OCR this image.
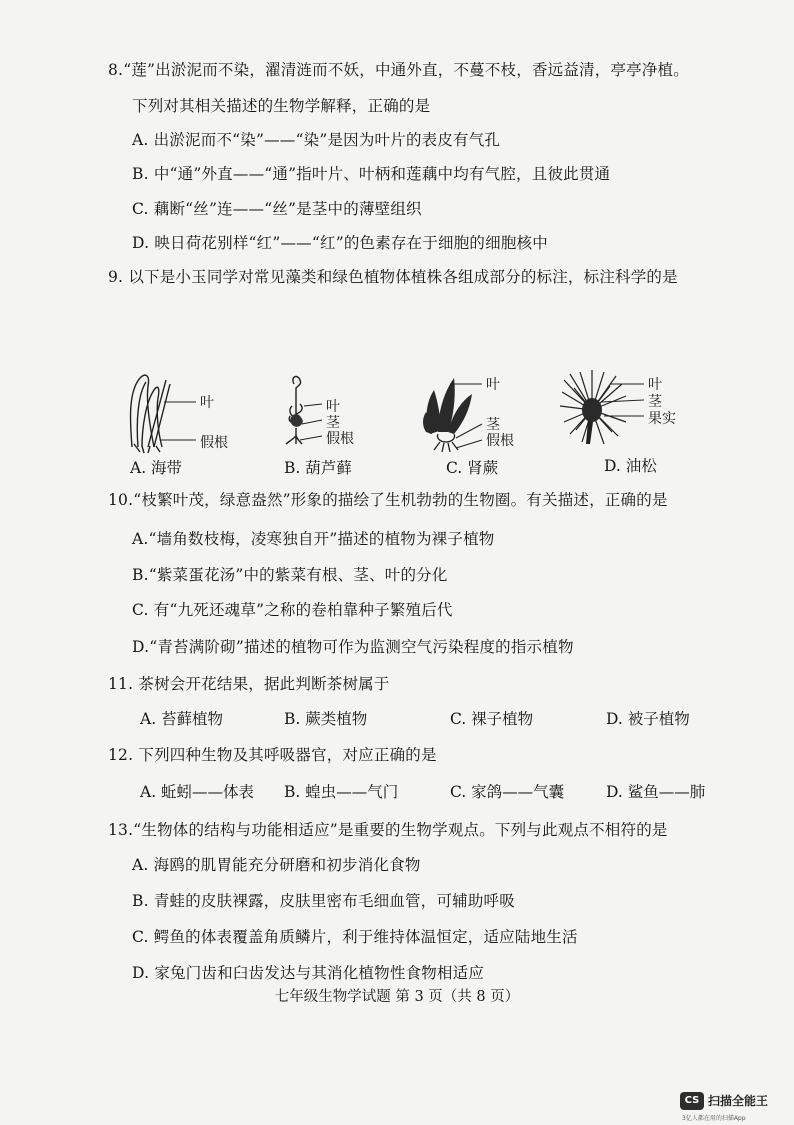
8.“莲”出淤泥而不染，濯清涟而不妖，中通外直，不蔓不枝，香远益清，亭亭净植。
下列对其相关描述的生物学解释，正确的是
A. 出淤泥而不“染”——“染”是因为叶片的表皮有气孔
B. 中“通”外直——“通”指叶片、叶柄和莲藕中均有气腔，且彼此贯通
C. 藕断“丝”连——“丝”是茎中的薄壁组织
D. 映日荷花别样“红”——“红”的色素存在于细胞的细胞核中
9. 以下是小玉同学对常见藻类和绿色植物体植株各组成部分的标注，标注科学的是
叶
假根
A. 海带
叶
茎
假根
B. 葫芦藓
叶
茎
假根
C. 肾蕨
叶
茎
果实
D. 油松
10.“枝繁叶茂，绿意盎然”形象的描绘了生机勃勃的生物圈。有关描述，正确的是
A.“墙角数枝梅，凌寒独自开”描述的植物为裸子植物
B.“紫菜蛋花汤”中的紫菜有根、茎、叶的分化
C. 有“九死还魂草”之称的卷柏靠种子繁殖后代
D.“青苔满阶砌”描述的植物可作为监测空气污染程度的指示植物
11. 茶树会开花结果，据此判断茶树属于
A. 苔藓植物	B. 蕨类植物	C. 裸子植物	D. 被子植物
12. 下列四种生物及其呼吸器官，对应正确的是
A. 蚯蚓——体表 B. 蝗虫——气门	C. 家鸽——气囊	D. 鲨鱼——肺
13.“生物体的结构与功能相适应”是重要的生物学观点。下列与此观点不相符的是
A. 海鸥的肌胃能充分研磨和初步消化食物
B. 青蛙的皮肤裸露，皮肤里密布毛细血管，可辅助呼吸
C. 鳄鱼的体表覆盖角质鳞片，利于维持体温恒定，适应陆地生活
D. 家兔门齿和臼齿发达与其消化植物性食物相适应
七年级生物学试题 第 3 页（共 8 页）
CS 扫描全能王
3亿人都在用的扫描App
